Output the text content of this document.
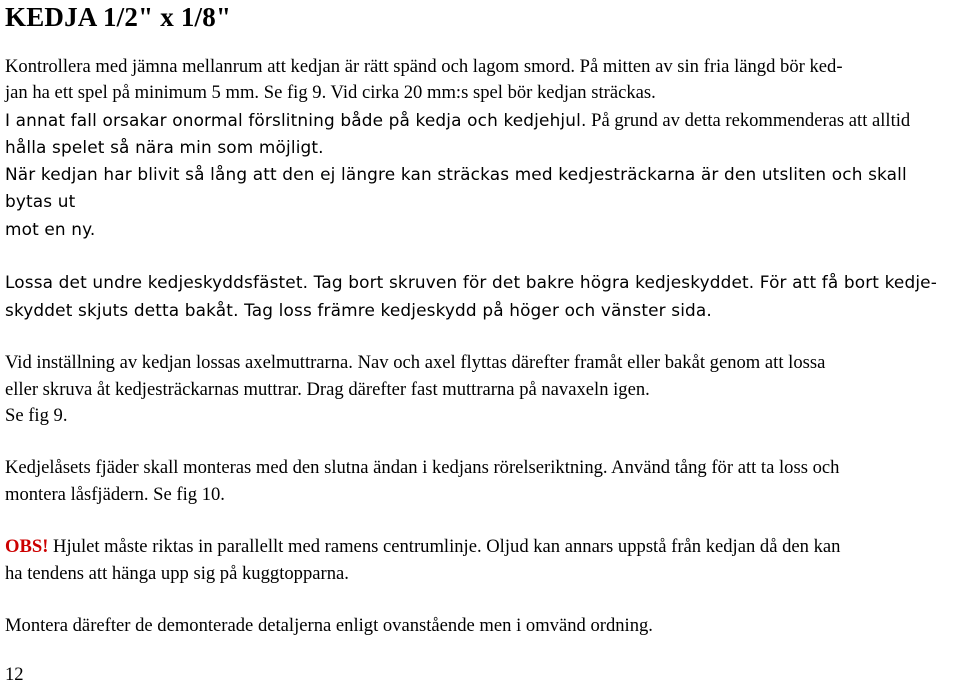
KEDJA 1/2" x 1/8"

Kontrollera med jämna mellanrum att kedjan är rätt spänd och lagom smord. På mitten av sin fria längd bör ked-
jan ha ett spel på minimum 5 mm. Se fig 9. Vid cirka 20 mm:s spel bör kedjan sträckas.
I annat fall orsakar onormal förslitning både på kedja och kedjehjul. På grund av detta rekommenderas att alltid
hålla spelet så nära min som möjligt.
När kedjan har blivit så lång att den ej längre kan sträckas med kedjesträckarna är den utsliten och skall bytas ut
mot en ny.

Lossa det undre kedjeskyddsfästet. Tag bort skruven för det bakre högra kedjeskyddet. För att få bort kedje-
skyddet skjuts detta bakåt. Tag loss främre kedjeskydd på höger och vänster sida.

Vid inställning av kedjan lossas axelmuttrarna. Nav och axel flyttas därefter framåt eller bakåt genom att lossa
eller skruva åt kedjesträckarnas muttrar. Drag därefter fast muttrarna på navaxeln igen.
Se fig 9.

Kedjelåsets fjäder skall monteras med den slutna ändan i kedjans rörelseriktning. Använd tång för att ta loss och
montera låsfjädern. Se fig 10.

OBS! Hjulet måste riktas in parallellt med ramens centrumlinje. Oljud kan annars uppstå från kedjan då den kan
ha tendens att hänga upp sig på kuggtopparna.

Montera därefter de demonterade detaljerna enligt ovanstående men i omvänd ordning.

12
